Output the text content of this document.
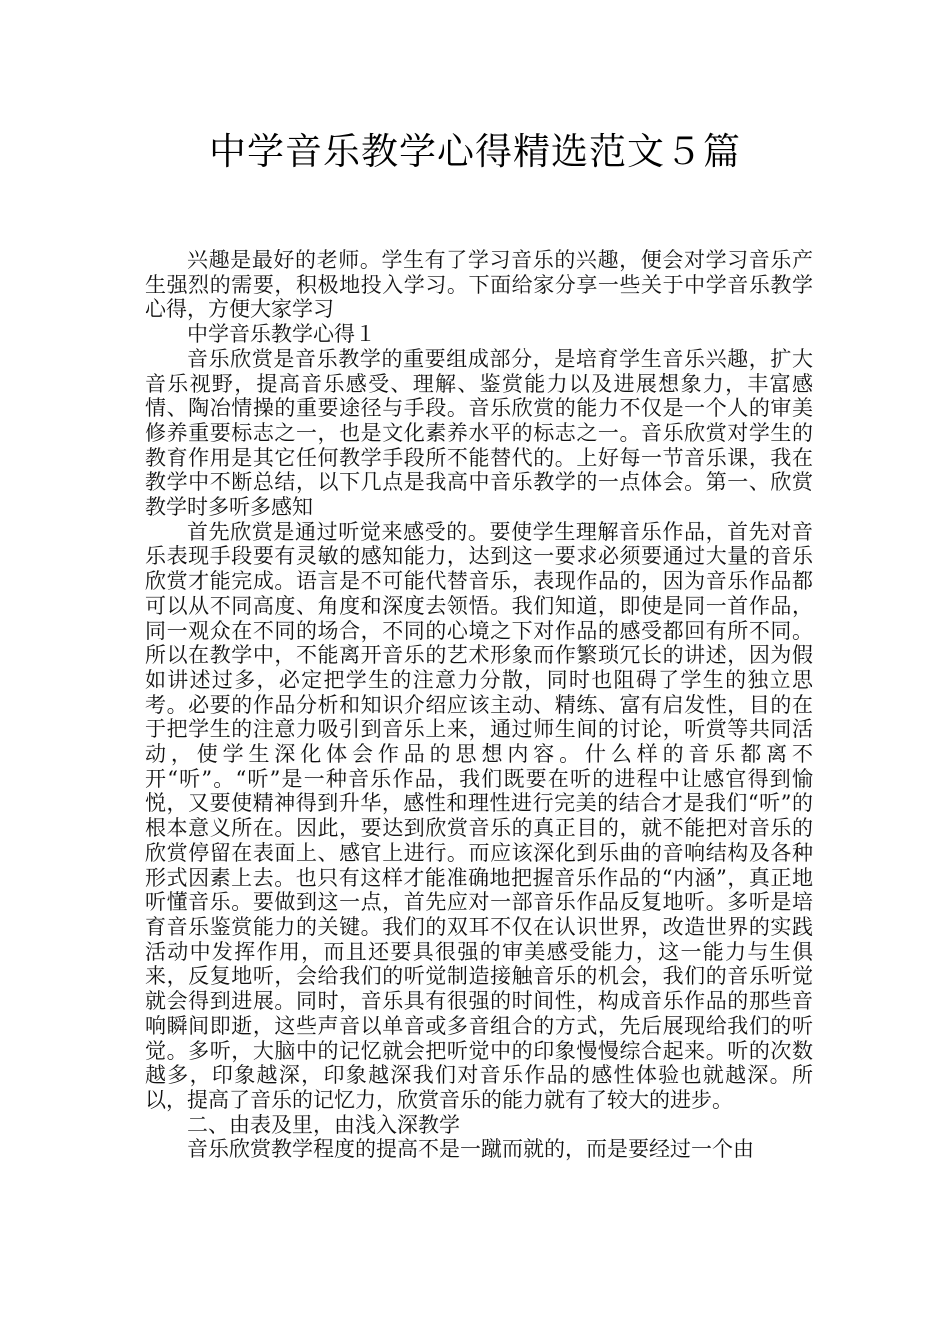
中学音乐教学心得精选范文５篇

兴趣是最好的老师。学生有了学习音乐的兴趣，便会对学习音乐产生强烈的需要，积极地投入学习。下面给家分享一些关于中学音乐教学心得，方便大家学习

中学音乐教学心得１

音乐欣赏是音乐教学的重要组成部分，是培育学生音乐兴趣，扩大音乐视野，提高音乐感受、理解、鉴赏能力以及进展想象力，丰富感情、陶冶情操的重要途径与手段。音乐欣赏的能力不仅是一个人的审美修养重要标志之一，也是文化素养水平的标志之一。音乐欣赏对学生的教育作用是其它任何教学手段所不能替代的。上好每一节音乐课，我在教学中不断总结，以下几点是我高中音乐教学的一点体会。第一、欣赏教学时多听多感知

首先欣赏是通过听觉来感受的。要使学生理解音乐作品，首先对音乐表现手段要有灵敏的感知能力，达到这一要求必须要通过大量的音乐欣赏才能完成。语言是不可能代替音乐，表现作品的，因为音乐作品都可以从不同高度、角度和深度去领悟。我们知道，即使是同一首作品，同一观众在不同的场合，不同的心境之下对作品的感受都回有所不同。所以在教学中，不能离开音乐的艺术形象而作繁琐冗长的讲述，因为假如讲述过多，必定把学生的注意力分散，同时也阻碍了学生的独立思考。必要的作品分析和知识介绍应该主动、精练、富有启发性，目的在于把学生的注意力吸引到音乐上来，通过师生间的讨论，听赏等共同活动，使学生深化体会作品的思想内容。什么样的音乐都离不开“听”。“听”是一种音乐作品，我们既要在听的进程中让感官得到愉悦，又要使精神得到升华，感性和理性进行完美的结合才是我们“听”的根本意义所在。因此，要达到欣赏音乐的真正目的，就不能把对音乐的欣赏停留在表面上、感官上进行。而应该深化到乐曲的音响结构及各种形式因素上去。也只有这样才能准确地把握音乐作品的“内涵”，真正地听懂音乐。要做到这一点，首先应对一部音乐作品反复地听。多听是培育音乐鉴赏能力的关键。我们的双耳不仅在认识世界，改造世界的实践活动中发挥作用，而且还要具很强的审美感受能力，这一能力与生俱来，反复地听，会给我们的听觉制造接触音乐的机会，我们的音乐听觉就会得到进展。同时，音乐具有很强的时间性，构成音乐作品的那些音响瞬间即逝，这些声音以单音或多音组合的方式，先后展现给我们的听觉。多听，大脑中的记忆就会把听觉中的印象慢慢综合起来。听的次数越多，印象越深，印象越深我们对音乐作品的感性体验也就越深。所以，提高了音乐的记忆力，欣赏音乐的能力就有了较大的进步。

二、由表及里，由浅入深教学

音乐欣赏教学程度的提高不是一蹴而就的，而是要经过一个由
